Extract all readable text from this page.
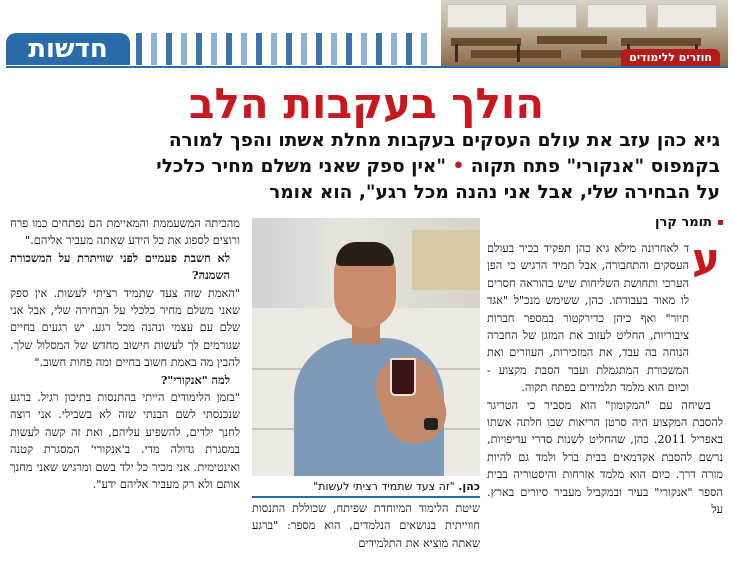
חדשות	חוזרים ללימודים
הולך בעקבות הלב
גיא כהן עזב את עולם העסקים בעקבות מחלת אשתו והפך למורה
בקמפוס "אנקורי" פתח תקוה • "אין ספק שאני משלם מחיר כלכלי
על הבחירה שלי, אבל אני נהנה מכל רגע", הוא אומר
תומר קרן
ע

ד לאחרונה מילא גיא כהן תפקיד בכיר בעולם העסקים והתחבורה, אבל תמיד הרגיש כי הפן הערכי ותחושת השליחות שיש בהוראה חסרים לו מאוד בעבודתו. כהן, ששימש מנכ"ל "אגד תיור" ואף כיהן כדירקטור במספר חברות ציבוריות, החליט לעזוב את המזגן של החברה הנוחה בה עבד, את המזכירות, העוזרים ואת המשכורת המתגמלת ועבר הסבת מקצוע - וכיום הוא מלמד תלמידים בפתח תקוה.

בשיחה עם "המקומון" הוא מסביר כי הטריגר להסבת המקצוע היה סרטן הריאות שבו חלתה אשתו באפריל 2011. כהן, שהחליט לשנות סדרי עדיפויות, נרשם להסבת אקדמאים בבית ברל ולמד גם להיות מורה דרך. כיום הוא מלמד אזרחות והיסטוריה בבית הספר "אנקורי" בעיר ובמקביל מעביר סיורים בארץ. על

כהן. "זה צעד שתמיד רציתי לעשות"

שיטת הלימוד המיוחדת שפיתח, שכוללת התנסות חווייתית בנושאים הנלמדים, הוא מספר: "ברגע שאתה מוציא את התלמידים

מהכיתה המשעממת והמאיימת הם נפתחים כמו פרח ורוצים לספוג את כל הידע שאתה מעביר אליהם."

לא חשבת פעמיים לפני שוויתרת על המשכורת השמנה?

"האמת שזה צעד שתמיד רציתי לעשות. אין ספק שאני משלם מחיר כלכלי על הבחירה שלי, אבל אני שלם עם עצמי ונהנה מכל רגע. יש רגעים בחיים שגורמים לך לעשות חישוב מחדש של המסלול שלך. להבין מה באמת חשוב בחיים ומה פחות חשוב."

למה "אנקורי"?

"בזמן הלימודים הייתי בהתנסות בתיכון רגיל. ברגע שנכנסתי לשם הבנתי שזה לא בשבילי. אני רוצה לחנך ילדים, להשפיע עליהם, ואת זה קשה לעשות במסגרת גדולה מדי. ב'אנקורי' המסגרת קטנה ואינטימית. אני מכיר כל ילד בשם ומרגיש שאני מחנך אותם ולא רק מעביר אליהם ידע".
